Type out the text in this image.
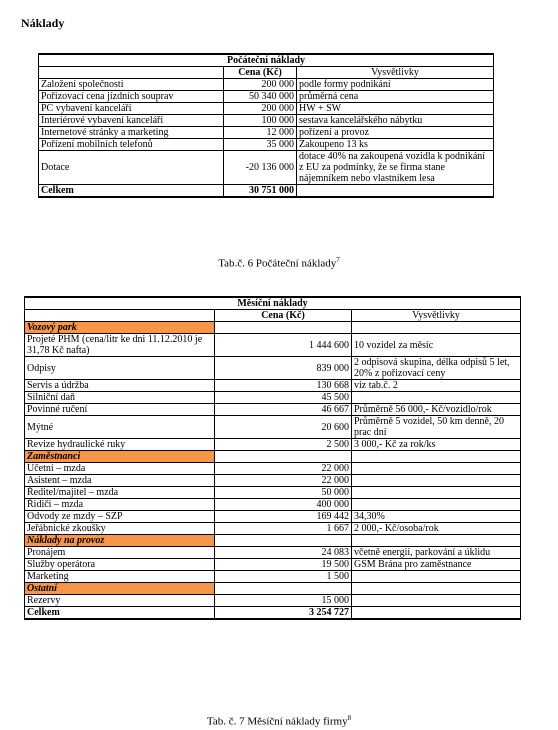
Náklady
Počáteční náklady		
	Cena (Kč)	Vysvětlivky
Založení společnosti	200 000	podle formy podnikání
Pořizovací cena jízdních souprav	50 340 000	průměrná cena
PC vybavení kanceláří	200 000	HW + SW
Interiérové vybavení kanceláří	100 000	sestava kancelářského nábytku
Internetové stránky a marketing	12 000	pořízení a provoz
Pořízení mobilních telefonů	35 000	Zakoupeno 13 ks
Dotace	-20 136 000	dotace 40% na zakoupená vozidla k podnikání z EU za podmínky, že se firma stane nájemníkem nebo vlastníkem lesa
Celkem	30 751 000	
Tab.č. 6 Počáteční náklady$^7$
Měsíční náklady		
	Cena (Kč)	Vysvětlivky
Vozový park		
Projeté PHM (cena/litr ke dni 11.12.2010 je 31,78 Kč nafta)	1 444 600	10 vozidel za měsíc
Odpisy	839 000	2 odpisová skupina, délka odpisů 5 let, 20% z pořizovací ceny
Servis a údržba	130 668	viz tab.č. 2
Silniční daň	45 500	
Povinné ručení	46 667	Průměrně 56 000,- Kč/vozidlo/rok
Mýtné	20 600	Průměrně 5 vozidel, 50 km denně, 20 prac dní
Revize hydraulické ruky	2 500	3 000,- Kč za rok/ks
Zaměstnanci		
Účetní – mzda	22 000	
Asistent – mzda	22 000	
Ředitel/majitel – mzda	50 000	
Řidiči – mzda	400 000	
Odvody ze mzdy – SZP	169 442	34,30%
Jeřábnické zkoušky	1 667	2 000,- Kč/osoba/rok
Náklady na provoz		
Pronájem	24 083	včetně energií, parkování a úklidu
Služby operátora	19 500	GSM Brána pro zaměstnance
Marketing	1 500	
Ostatní		
Rezervy	15 000	
Celkem	3 254 727	
Tab. č. 7 Měsíční náklady firmy$^8$
